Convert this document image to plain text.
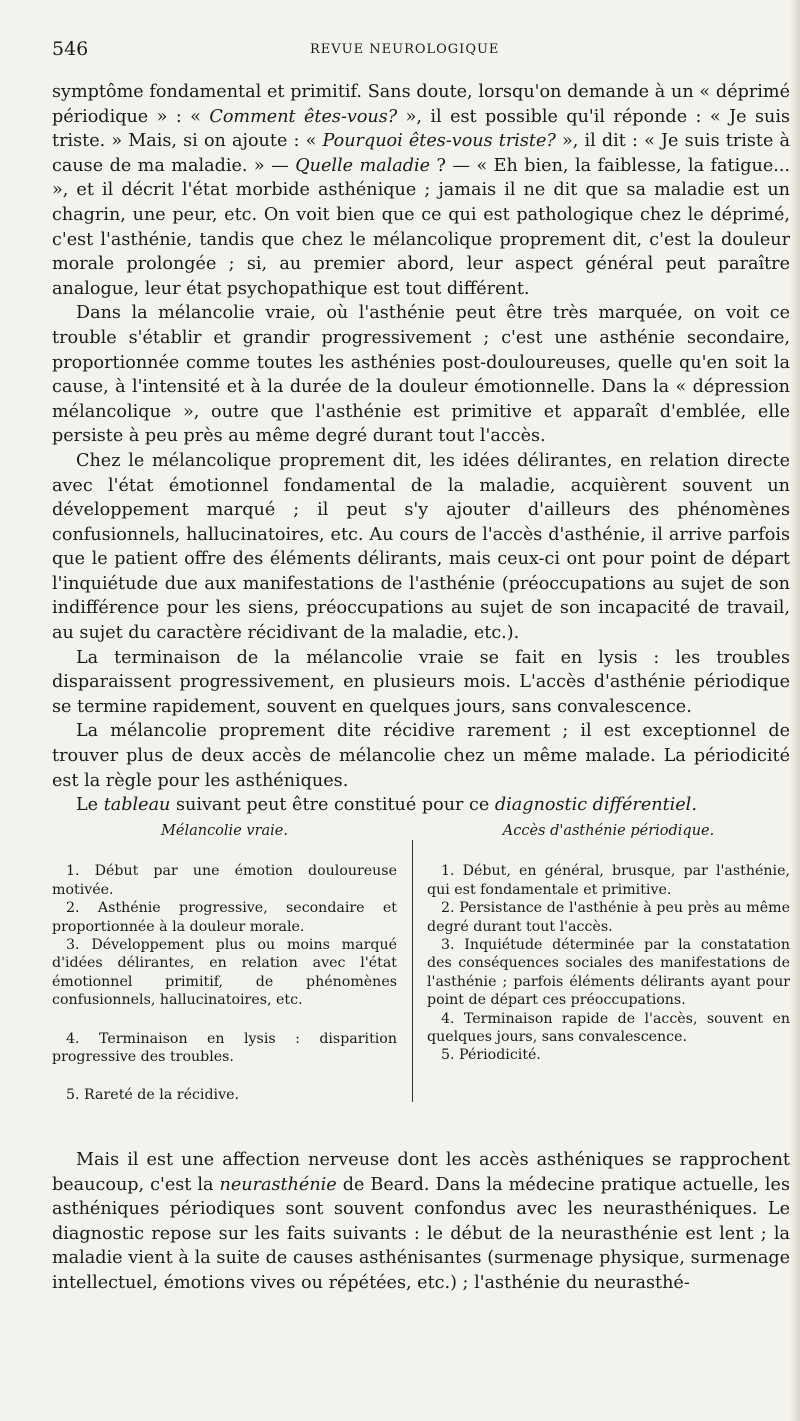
546	REVUE NEUROLOGIQUE

symptôme fondamental et primitif. Sans doute, lorsqu'on demande à un « déprimé périodique » : « Comment êtes-vous? », il est possible qu'il réponde : « Je suis triste. » Mais, si on ajoute : « Pourquoi êtes-vous triste? », il dit : « Je suis triste à cause de ma maladie. » — Quelle maladie ? — « Eh bien, la faiblesse, la fatigue... », et il décrit l'état morbide asthénique ; jamais il ne dit que sa maladie est un chagrin, une peur, etc. On voit bien que ce qui est pathologique chez le déprimé, c'est l'asthénie, tandis que chez le mélancolique proprement dit, c'est la douleur morale prolongée ; si, au premier abord, leur aspect général peut paraître analogue, leur état psychopathique est tout différent.

Dans la mélancolie vraie, où l'asthénie peut être très marquée, on voit ce trouble s'établir et grandir progressivement ; c'est une asthénie secondaire, proportionnée comme toutes les asthénies post-douloureuses, quelle qu'en soit la cause, à l'intensité et à la durée de la douleur émotionnelle. Dans la « dépression mélancolique », outre que l'asthénie est primitive et apparaît d'emblée, elle persiste à peu près au même degré durant tout l'accès.

Chez le mélancolique proprement dit, les idées délirantes, en relation directe avec l'état émotionnel fondamental de la maladie, acquièrent souvent un développement marqué ; il peut s'y ajouter d'ailleurs des phénomènes confusionnels, hallucinatoires, etc. Au cours de l'accès d'asthénie, il arrive parfois que le patient offre des éléments délirants, mais ceux-ci ont pour point de départ l'inquiétude due aux manifestations de l'asthénie (préoccupations au sujet de son indifférence pour les siens, préoccupations au sujet de son incapacité de travail, au sujet du caractère récidivant de la maladie, etc.).

La terminaison de la mélancolie vraie se fait en lysis : les troubles disparaissent progressivement, en plusieurs mois. L'accès d'asthénie périodique se termine rapidement, souvent en quelques jours, sans convalescence.

La mélancolie proprement dite récidive rarement ; il est exceptionnel de trouver plus de deux accès de mélancolie chez un même malade. La périodicité est la règle pour les asthéniques.

Le tableau suivant peut être constitué pour ce diagnostic différentiel.

Mélancolie vraie.

1. Début par une émotion douloureuse motivée.

2. Asthénie progressive, secondaire et proportionnée à la douleur morale.

3. Développement plus ou moins marqué d'idées délirantes, en relation avec l'état émotionnel primitif, de phénomènes confusionnels, hallucinatoires, etc.

4. Terminaison en lysis : disparition progressive des troubles.

5. Rareté de la récidive.

Accès d'asthénie périodique.

1. Début, en général, brusque, par l'asthénie, qui est fondamentale et primitive.

2. Persistance de l'asthénie à peu près au même degré durant tout l'accès.

3. Inquiétude déterminée par la constatation des conséquences sociales des manifestations de l'asthénie ; parfois éléments délirants ayant pour point de départ ces préoccupations.

4. Terminaison rapide de l'accès, souvent en quelques jours, sans convalescence.

5. Périodicité.

Mais il est une affection nerveuse dont les accès asthéniques se rapprochent beaucoup, c'est la neurasthénie de Beard. Dans la médecine pratique actuelle, les asthéniques périodiques sont souvent confondus avec les neurasthéniques. Le diagnostic repose sur les faits suivants : le début de la neurasthénie est lent ; la maladie vient à la suite de causes asthénisantes (surmenage physique, surmenage intellectuel, émotions vives ou répétées, etc.) ; l'asthénie du neurasthé-
